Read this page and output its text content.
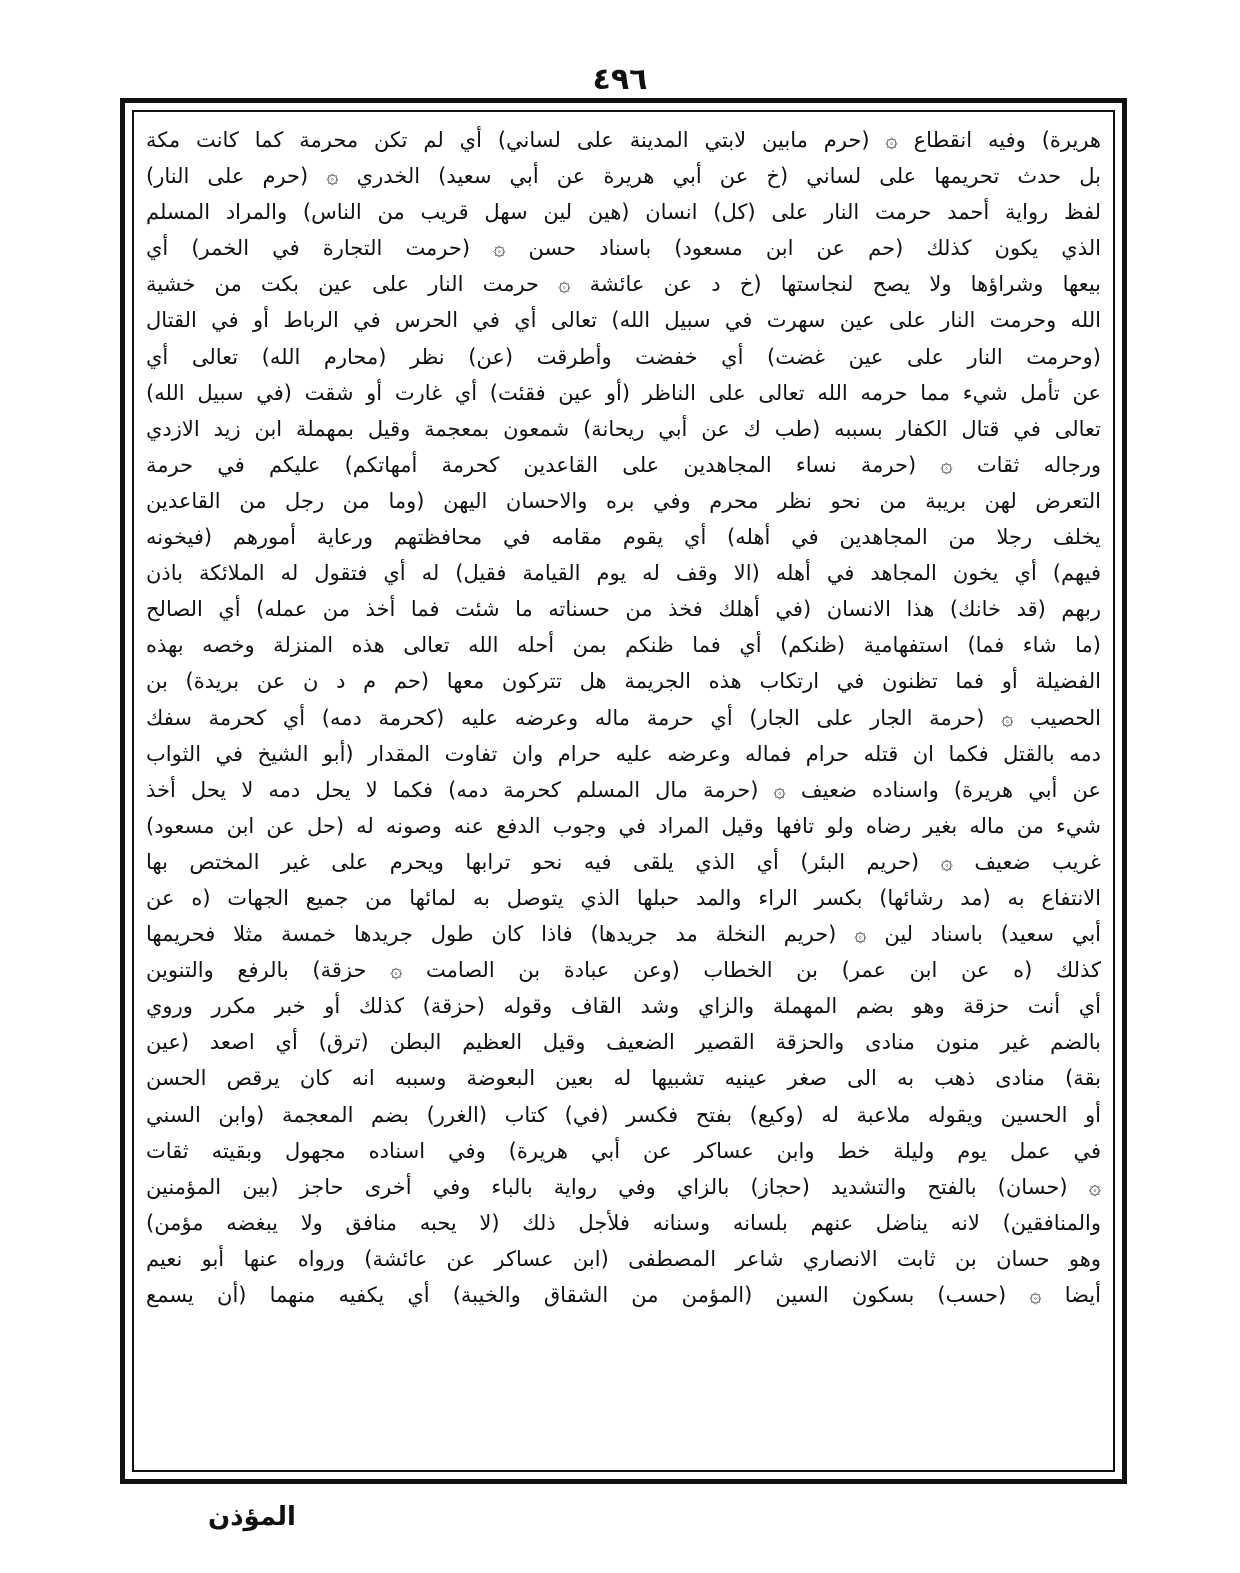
٤٩٦
هريرة) وفيه انقطاع ۞ (حرم مابين لابتي المدينة على لساني) أي لم تكن محرمة كما كانت مكة
بل حدث تحريمها على لساني (خ عن أبي هريرة عن أبي سعيد) الخدري ۞ (حرم على النار)
لفظ رواية أحمد حرمت النار على (كل) انسان (هين لين سهل قريب من الناس) والمراد المسلم
الذي يكون كذلك (حم عن ابن مسعود) باسناد حسن ۞ (حرمت التجارة في الخمر) أي
بيعها وشراؤها ولا يصح لنجاستها (خ د عن عائشة ۞ حرمت النار على عين بكت من خشية
الله وحرمت النار على عين سهرت في سبيل الله) تعالى أي في الحرس في الرباط أو في القتال
(وحرمت النار على عين غضت) أي خفضت وأطرقت (عن) نظر (محارم الله) تعالى أي
عن تأمل شيء مما حرمه الله تعالى على الناظر (أو عين فقئت) أي غارت أو شقت (في سبيل الله)
تعالى في قتال الكفار بسببه (طب ك عن أبي ريحانة) شمعون بمعجمة وقيل بمهملة ابن زيد الازدي
ورجاله ثقات ۞ (حرمة نساء المجاهدين على القاعدين كحرمة أمهاتكم) عليكم في حرمة
التعرض لهن بريبة من نحو نظر محرم وفي بره والاحسان اليهن (وما من رجل من القاعدين
يخلف رجلا من المجاهدين في أهله) أي يقوم مقامه في محافظتهم ورعاية أمورهم (فيخونه
فيهم) أي يخون المجاهد في أهله (الا وقف له يوم القيامة فقيل) له أي فتقول له الملائكة باذن
ربهم (قد خانك) هذا الانسان (في أهلك فخذ من حسناته ما شئت فما أخذ من عمله) أي الصالح
(ما شاء فما) استفهامية (ظنكم) أي فما ظنكم بمن أحله الله تعالى هذه المنزلة وخصه بهذه
الفضيلة أو فما تظنون في ارتكاب هذه الجريمة هل تتركون معها (حم م د ن عن بريدة) بن
الحصيب ۞ (حرمة الجار على الجار) أي حرمة ماله وعرضه عليه (كحرمة دمه) أي كحرمة سفك
دمه بالقتل فكما ان قتله حرام فماله وعرضه عليه حرام وان تفاوت المقدار (أبو الشيخ في الثواب
عن أبي هريرة) واسناده ضعيف ۞ (حرمة مال المسلم كحرمة دمه) فكما لا يحل دمه لا يحل أخذ
شيء من ماله بغير رضاه ولو تافها وقيل المراد في وجوب الدفع عنه وصونه له (حل عن ابن مسعود)
غريب ضعيف ۞ (حريم البئر) أي الذي يلقى فيه نحو ترابها ويحرم على غير المختص بها
الانتفاع به (مد رشائها) بكسر الراء والمد حبلها الذي يتوصل به لمائها من جميع الجهات (ه عن
أبي سعيد) باسناد لين ۞ (حريم النخلة مد جريدها) فاذا كان طول جريدها خمسة مثلا فحريمها
كذلك (ه عن ابن عمر) بن الخطاب (وعن عبادة بن الصامت ۞ حزقة) بالرفع والتنوين
أي أنت حزقة وهو بضم المهملة والزاي وشد القاف وقوله (حزقة) كذلك أو خبر مكرر وروي
بالضم غير منون منادى والحزقة القصير الضعيف وقيل العظيم البطن (ترق) أي اصعد (عين
بقة) منادى ذهب به الى صغر عينيه تشبيها له بعين البعوضة وسببه انه كان يرقص الحسن
أو الحسين ويقوله ملاعبة له (وكيع) بفتح فكسر (في) كتاب (الغرر) بضم المعجمة (وابن السني
في عمل يوم وليلة خط وابن عساكر عن أبي هريرة) وفي اسناده مجهول وبقيته ثقات
۞ (حسان) بالفتح والتشديد (حجاز) بالزاي وفي رواية بالباء وفي أخرى حاجز (بين المؤمنين
والمنافقين) لانه يناضل عنهم بلسانه وسنانه فلأجل ذلك (لا يحبه منافق ولا يبغضه مؤمن)
وهو حسان بن ثابت الانصاري شاعر المصطفى (ابن عساكر عن عائشة) ورواه عنها أبو نعيم
أيضا ۞ (حسب) بسكون السين (المؤمن من الشقاق والخيبة) أي يكفيه منهما (أن يسمع
المؤذن
